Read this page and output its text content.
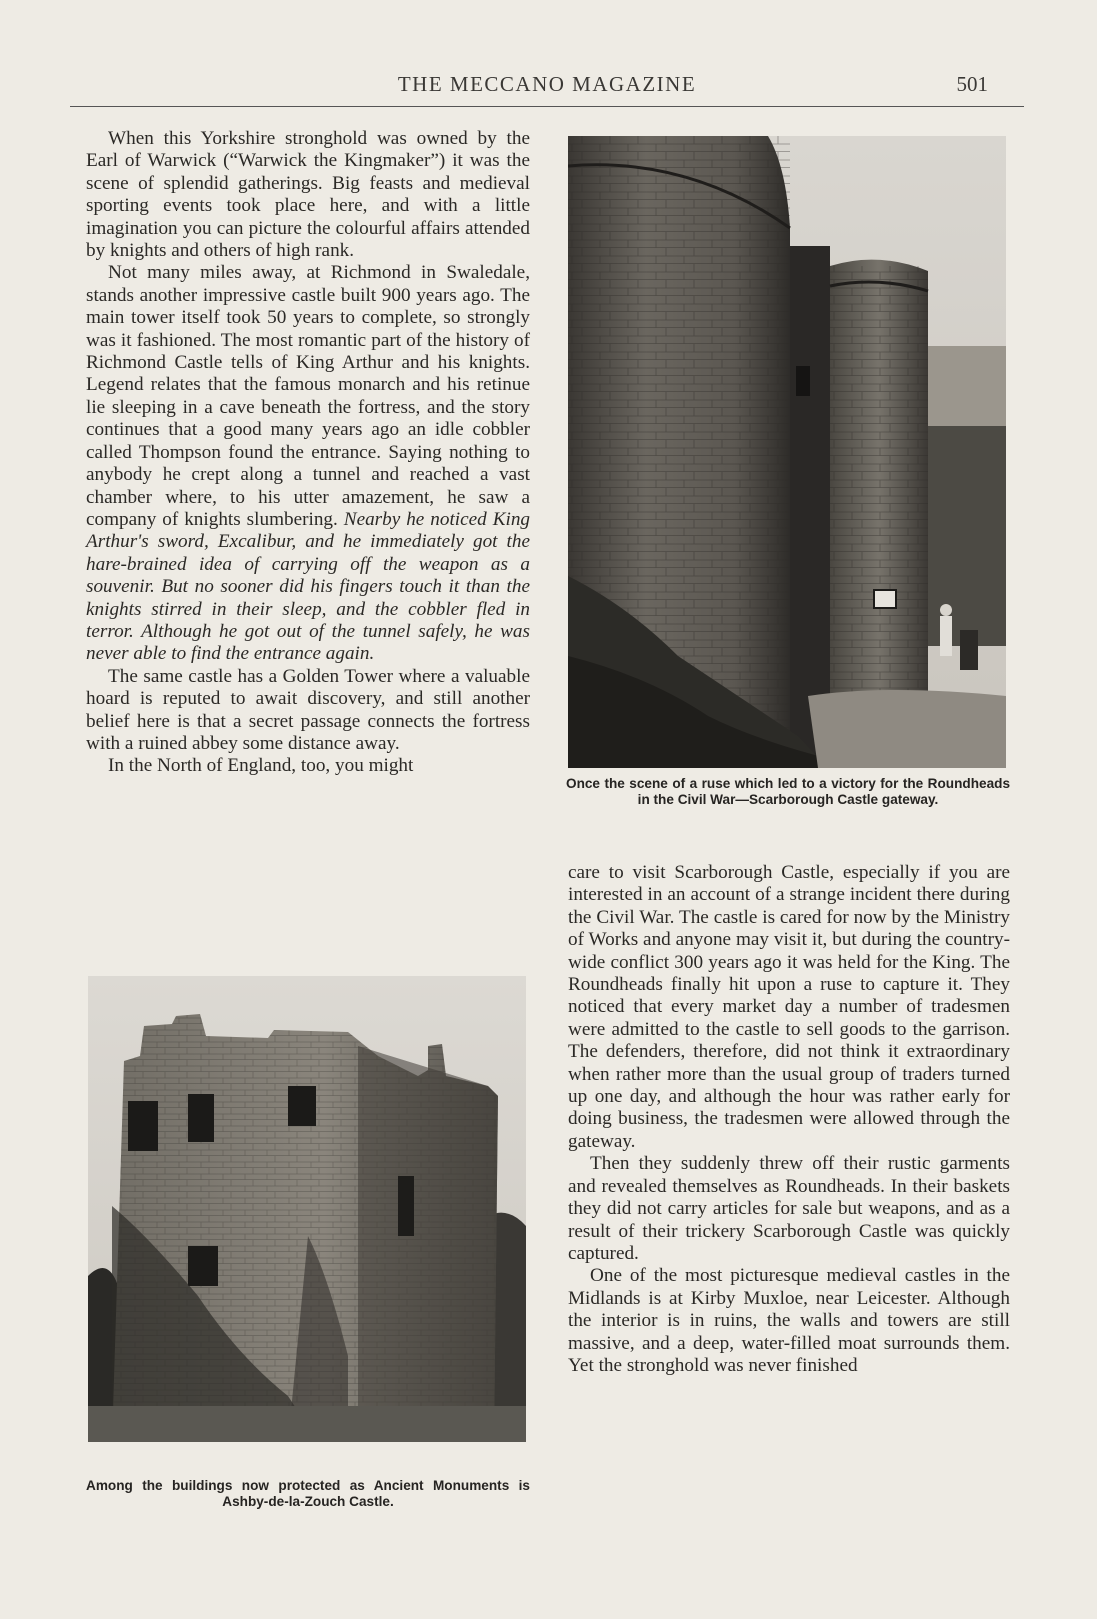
THE MECCANO MAGAZINE	501

When this Yorkshire stronghold was owned by the Earl of Warwick (“Warwick the Kingmaker”) it was the scene of splendid gatherings. Big feasts and medieval sporting events took place here, and with a little imagination you can picture the colourful affairs attended by knights and others of high rank.

Not many miles away, at Richmond in Swaledale, stands another impressive castle built 900 years ago. The main tower itself took 50 years to complete, so strongly was it fashioned. The most romantic part of the history of Richmond Castle tells of King Arthur and his knights. Legend relates that the famous monarch and his retinue lie sleeping in a cave beneath the fortress, and the story continues that a good many years ago an idle cobbler called Thompson found the entrance. Saying nothing to anybody he crept along a tunnel and reached a vast chamber where, to his utter amazement, he saw a company of knights slumbering. Nearby he noticed King Arthur's sword, Excalibur, and he immediately got the hare-brained idea of carrying off the weapon as a souvenir. But no sooner did his fingers touch it than the knights stirred in their sleep, and the cobbler fled in terror. Although he got out of the tunnel safely, he was never able to find the entrance again.

The same castle has a Golden Tower where a valuable hoard is reputed to await discovery, and still another belief here is that a secret passage connects the fortress with a ruined abbey some distance away.

In the North of England, too, you might

Once the scene of a ruse which led to a victory for the Roundheads in the Civil War—Scarborough Castle gateway.
Among the buildings now protected as Ancient Monuments is Ashby-de-la-Zouch Castle.

care to visit Scarborough Castle, especially if you are interested in an account of a strange incident there during the Civil War. The castle is cared for now by the Ministry of Works and anyone may visit it, but during the country-wide conflict 300 years ago it was held for the King. The Roundheads finally hit upon a ruse to capture it. They noticed that every market day a number of tradesmen were admitted to the castle to sell goods to the garrison. The defenders, therefore, did not think it extraordinary when rather more than the usual group of traders turned up one day, and although the hour was rather early for doing business, the tradesmen were allowed through the gateway.

Then they suddenly threw off their rustic garments and revealed themselves as Roundheads. In their baskets they did not carry articles for sale but weapons, and as a result of their trickery Scarborough Castle was quickly captured.

One of the most picturesque medieval castles in the Midlands is at Kirby Muxloe, near Leicester. Although the interior is in ruins, the walls and towers are still massive, and a deep, water-filled moat surrounds them. Yet the stronghold was never finished
